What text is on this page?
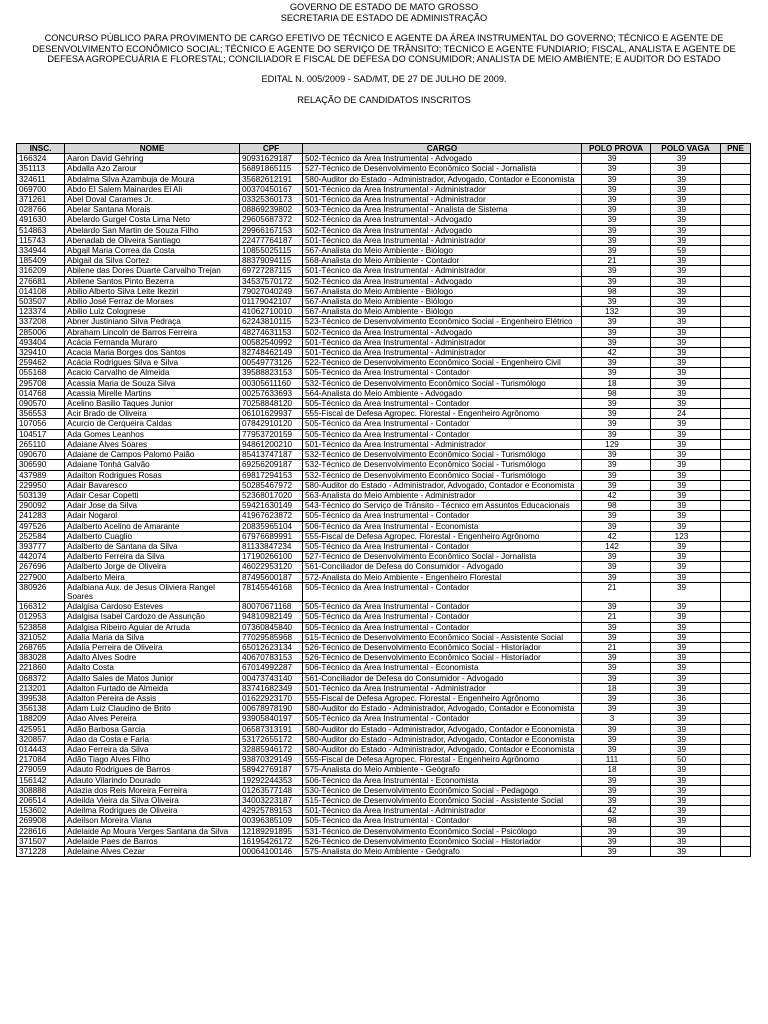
GOVERNO DE ESTADO DE MATO GROSSO
SECRETARIA DE ESTADO DE ADMINISTRAÇÃO
CONCURSO PÚBLICO PARA PROVIMENTO DE CARGO EFETIVO DE TÉCNICO E AGENTE DA ÁREA INSTRUMENTAL DO GOVERNO; TÉCNICO E AGENTE DE DESENVOLVIMENTO ECONÔMICO SOCIAL; TÉCNICO E AGENTE DO SERVIÇO DE TRÂNSITO; TECNICO E AGENTE FUNDIARIO; FISCAL, ANALISTA E AGENTE DE DEFESA AGROPECUÁRIA E FLORESTAL; CONCILIADOR E FISCAL DE DEFESA DO CONSUMIDOR; ANALISTA DE MEIO AMBIENTE; E AUDITOR DO ESTADO
EDITAL N. 005/2009 - SAD/MT, DE 27 DE JULHO DE 2009.
RELAÇÃO DE CANDIDATOS INSCRITOS
INSC.	NOME	CPF	CARGO	POLO PROVA	POLO VAGA	PNE
166324	Aaron David Gehring	90931629187	502-Técnico da Área Instrumental - Advogado	39	39	
351113	Abdalla Azo Zarour	56891865115	527-Técnico de Desenvolvimento Econômico Social - Jornalista	39	39	
324611	Abdalma Silva Azambuja de Moura	35682612191	580-Auditor do Estado - Administrador, Advogado, Contador e Economista	39	39	
069700	Abdo El Salem Mainardes El Ali	00370450167	501-Técnico da Área Instrumental - Administrador	39	39	
371261	Abel Doval Carames Jr.	03325360173	501-Técnico da Área Instrumental - Administrador	39	39	
028766	Abelar Santana Morais	08869239802	503-Técnico da Área Instrumental - Analista de Sistema	39	39	
491630	Abelardo Gurgel Costa Lima Neto	29605687372	502-Técnico da Área Instrumental - Advogado	39	39	
514863	Abelardo San Martin de Souza Filho	29966167153	502-Técnico da Área Instrumental - Advogado	39	39	
115743	Abenadab de Oliveira Santiago	22477764187	501-Técnico da Área Instrumental - Administrador	39	39	
334944	Abgail Maria Correa da Costa	10855025115	567-Analista do Meio Ambiente - Biólogo	39	59	
185409	Abigail da Silva Cortez	88379094115	568-Analista do Meio Ambiente - Contador	21	39	
316209	Abilene das Dores Duarte Carvalho Trejan	69727287115	501-Técnico da Área Instrumental - Administrador	39	39	
276681	Abilene Santos Pinto Bezerra	34537570172	502-Técnico da Área Instrumental - Advogado	39	39	
014108	Abilio Alberto Silva Leite Ikeziri	79027040249	567-Analista do Meio Ambiente - Biólogo	98	39	
503507	Abilio José Ferraz de Moraes	01179042107	567-Analista do Meio Ambiente - Biólogo	39	39	
123374	Abilio Luiz Colognese	41062710010	567-Analista do Meio Ambiente - Biólogo	132	39	
337208	Abner Justiniano Silva Pedraça	62243810115	523-Técnico de Desenvolvimento Econômico Social - Engenheiro Elétrico	39	39	
285006	Abraham Lincoln de Barros Ferreira	48274631153	502-Técnico da Área Instrumental - Advogado	39	39	
493404	Acácia Fernanda Muraro	00582540992	501-Técnico da Área Instrumental - Administrador	39	39	
329410	Acacia Maria Borges dos Santos	82748462149	501-Técnico da Área Instrumental - Administrador	42	39	
259462	Acácia Rodrigues Silva e Silva	00549773126	522-Técnico de Desenvolvimento Econômico Social - Engenheiro Civil	39	39	
055168	Acacio Carvalho de Almeida	39588823153	505-Técnico da Área Instrumental - Contador	39	39	
295708	Acassia Maria de Souza Silva	00305611160	532-Técnico de Desenvolvimento Econômico Social - Turismólogo	18	39	
014768	Acassia Mirelle Martins	00257633693	564-Analista do Meio Ambiente - Advogado	98	39	
090570	Acelino Basilio Taques Junior	70258848120	505-Técnico da Área Instrumental - Contador	39	39	
356553	Acir Brado de Oliveira	06101629937	555-Fiscal de Defesa Agropec. Florestal - Engenheiro Agrônomo	39	24	
107056	Acurcio de Cerqueira Caldas	07842910120	505-Técnico da Área Instrumental - Contador	39	39	
104517	Ada Gomes Leanhos	77953720159	505-Técnico da Área Instrumental - Contador	39	39	
265110	Adaiane Alves Soares	94861200210	501-Técnico da Área Instrumental - Administrador	129	39	
090670	Adaiane de Campos Palomo Paião	85413747187	532-Técnico de Desenvolvimento Econômico Social - Turismólogo	39	39	
306590	Adaiane Tonhá Galvão	69256209187	532-Técnico de Desenvolvimento Econômico Social - Turismólogo	39	39	
437989	Adailton Rodrigues Rosas	69817294153	532-Técnico de Desenvolvimento Econômico Social - Turismólogo	39	39	
229950	Adair Bavaresco	50285467972	580-Auditor do Estado - Administrador, Advogado, Contador e Economista	39	39	
503139	Adair Cesar Copetti	52368017020	563-Analista do Meio Ambiente - Administrador	42	39	
290092	Adair Jose da Silva	59421630149	543-Técnico do Serviço de Trânsito - Técnico em Assuntos Educacionais	98	39	
241283	Adair Nogarol	41967623872	505-Técnico da Área Instrumental - Contador	39	39	
497526	Adalberto Acelino de Amarante	20835965104	506-Técnico da Área Instrumental - Economista	39	39	
252584	Adalberto Cuaglio	67976689991	555-Fiscal de Defesa Agropec. Florestal - Engenheiro Agrônomo	42	123	
393777	Adalberto de Santana da Silva	81133847234	505-Técnico da Área Instrumental - Contador	142	39	
442074	Adalberto Ferreira da Silva	17190266100	527-Técnico de Desenvolvimento Econômico Social - Jornalista	39	39	
267696	Adalberto Jorge de Oliveira	46022953120	561-Conciliador de Defesa do Consumidor - Advogado	39	39	
227900	Adalberto Meira	87495600187	572-Analista do Meio Ambiente - Engenheiro Florestal	39	39	
380926	Adalbiana Aux. de Jesus Oliviera Rangel Soares	78145546168	505-Técnico da Área Instrumental - Contador	21	39	
166312	Adalgisa Cardoso Esteves	80070671168	505-Técnico da Área Instrumental - Contador	39	39	
012953	Adalgisa Isabel Cardozo de Assunção	94810982149	505-Técnico da Área Instrumental - Contador	21	39	
523858	Adalgisa Ribeiro Aguiar de Arruda	07360845840	505-Técnico da Área Instrumental - Contador	39	39	
321052	Adalia Maria da Silva	77029585968	515-Técnico de Desenvolvimento Econômico Social - Assistente Social	39	39	
268765	Adalia Perreira de Oliveira	65012623134	526-Técnico de Desenvolvimento Econômico Social - Historiador	21	39	
383028	Adalto Alves Sodre	40670783153	526-Técnico de Desenvolvimento Econômico Social - Historiador	39	39	
221860	Adalto Costa	67014992287	506-Técnico da Área Instrumental - Economista	39	39	
068372	Adalto Sales de Matos Junior	00473743140	561-Conciliador de Defesa do Consumidor - Advogado	39	39	
213201	Adalton Furtado de Almeida	83741682349	501-Técnico da Área Instrumental - Administrador	18	39	
399538	Adalton Pereira de Assis	01622923170	555-Fiscal de Defesa Agropec. Florestal - Engenheiro Agrônomo	39	36	
356138	Adam Luiz Claudino de Brito	00678978190	580-Auditor do Estado - Administrador, Advogado, Contador e Economista	39	39	
188209	Adao Alves Pereira	93905840197	505-Técnico da Área Instrumental - Contador	3	39	
425951	Adão Barbosa Garcia	06587313191	580-Auditor do Estado - Administrador, Advogado, Contador e Economista	39	39	
320857	Adao da Costa e Faria	53172655172	580-Auditor do Estado - Administrador, Advogado, Contador e Economista	39	39	
014443	Adao Ferreira da Silva	32885946172	580-Auditor do Estado - Administrador, Advogado, Contador e Economista	39	39	
217084	Adão Tiago Alves Filho	93870329149	555-Fiscal de Defesa Agropec. Florestal - Engenheiro Agrônomo	111	50	
279059	Adauto Rodrigues de Barros	58942769187	575-Analista do Meio Ambiente - Geógrafo	18	39	
156142	Adauto Vilarindo Dourado	19292244353	506-Técnico da Área Instrumental - Economista	39	39	
308888	Adazia dos Reis Moreira Ferreira	01263577148	530-Técnico de Desenvolvimento Econômico Social - Pedagogo	39	39	
206514	Adeilda Vieira da Silva Oliveira	34003223187	515-Técnico de Desenvolvimento Econômico Social - Assistente Social	39	39	
153602	Adeilma Rodrigues de Oliveira	42925789153	501-Técnico da Área Instrumental - Administrador	42	39	
269908	Adeilson Moreira Viana	00396385109	505-Técnico da Área Instrumental - Contador	98	39	
228616	Adelaide Ap Moura Verges Santana da Silva	12189291895	531-Técnico de Desenvolvimento Econômico Social - Psicólogo	39	39	
371507	Adelaide Paes de Barros	16195426172	526-Técnico de Desenvolvimento Econômico Social - Historiador	39	39	
371228	Adelaine Alves Cezar	00064100146	575-Analista do Meio Ambiente - Geógrafo	39	39	
